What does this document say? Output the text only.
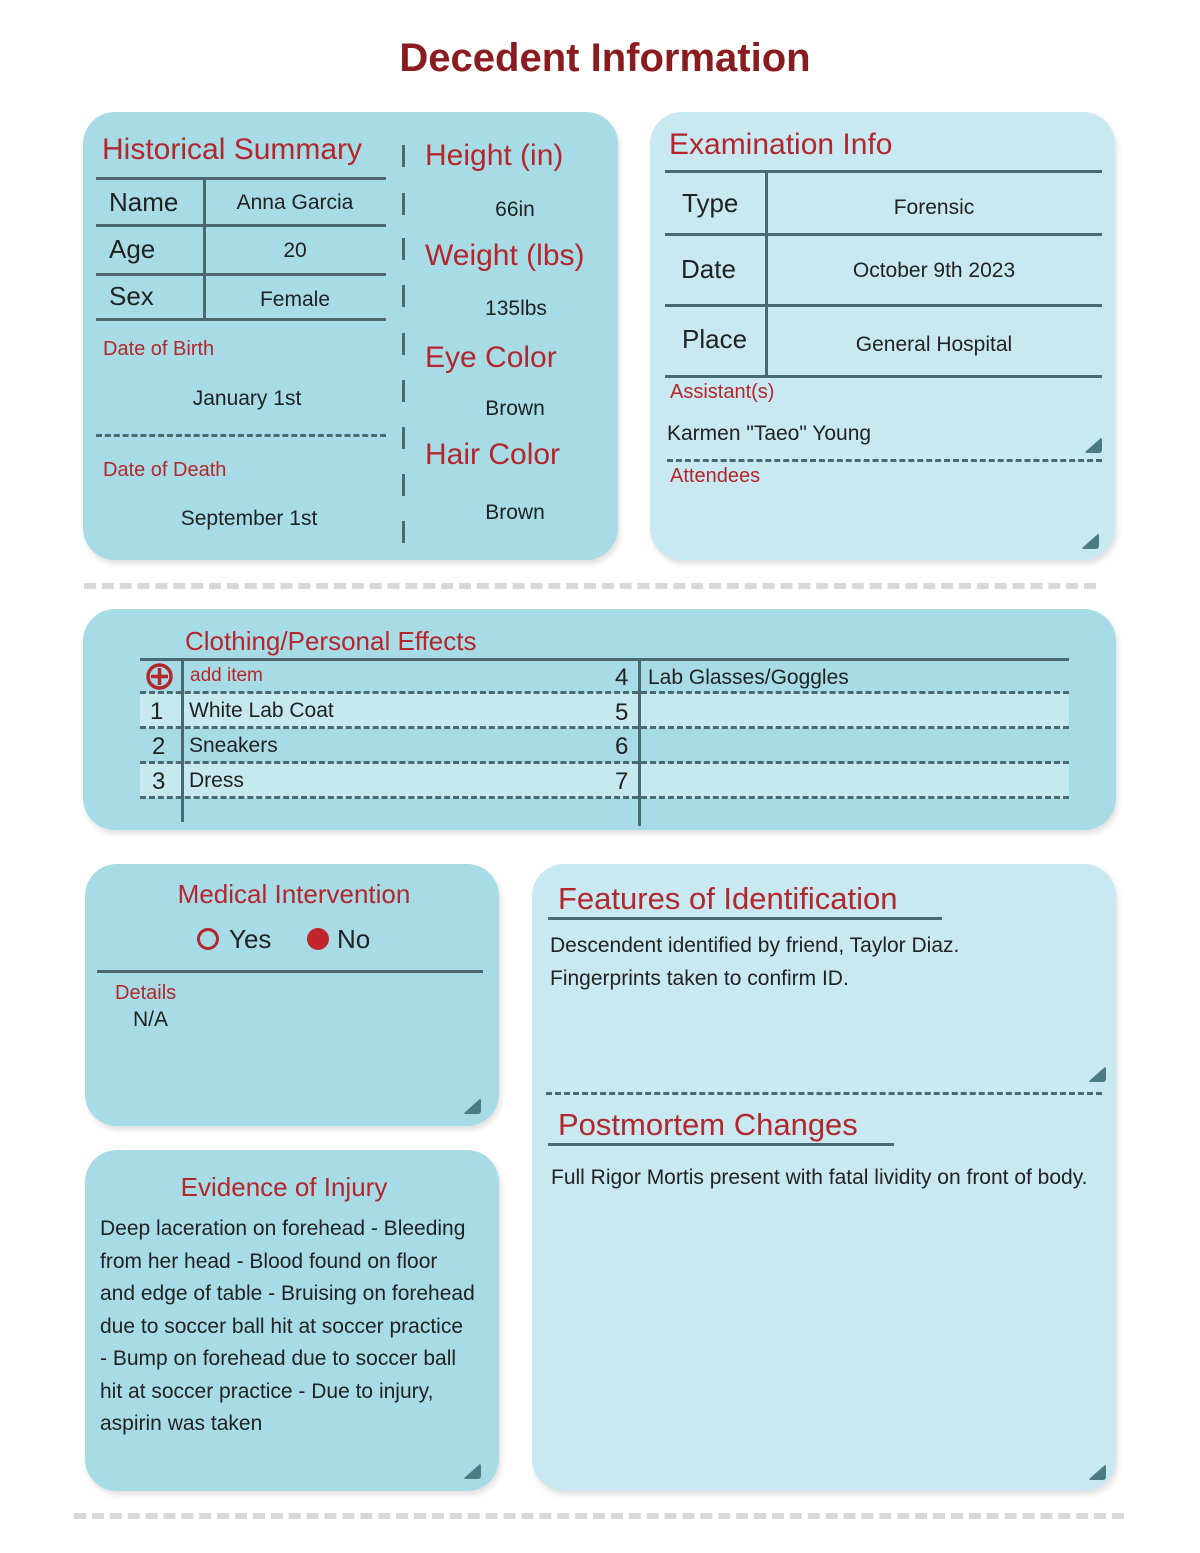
Decedent Information
Historical Summary
Name	Anna Garcia
Age	20
Sex	Female
Date of Birth
January 1st
Date of Death
September 1st
Height (in)
66in
Weight (lbs)
135lbs
Eye Color
Brown
Hair Color
Brown
Examination Info
Type	Forensic
Date	October 9th 2023
Place	General Hospital
Assistant(s)
Karmen "Taeo" Young
Attendees
Clothing/Personal Effects
add item
1 White Lab Coat
2 Sneakers
3 Dress
4 Lab Glasses/Goggles
5
6
7
Medical Intervention
Yes	No
Details
N/A
Evidence of Injury
Deep laceration on forehead - Bleeding from her head - Blood found on floor and edge of table - Bruising on forehead due to soccer ball hit at soccer practice - Bump on forehead due to soccer ball hit at soccer practice - Due to injury, aspirin was taken
Features of Identification
Descendent identified by friend, Taylor Diaz. Fingerprints taken to confirm ID.
Postmortem Changes
Full Rigor Mortis present with fatal lividity on front of body.
